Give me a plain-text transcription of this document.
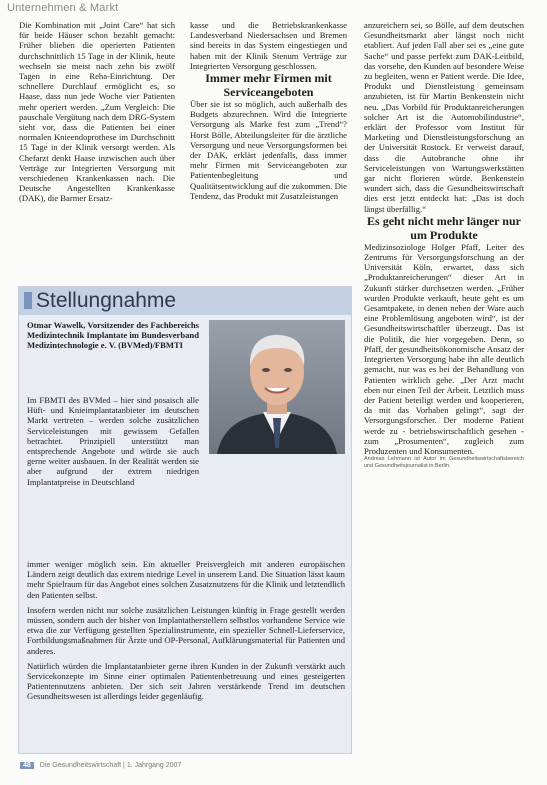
Unternehmen & Markt

Die Kombination mit „Joint Care“ hat sich für beide Häuser schon bezahlt gemacht: Früher blieben die operierten Patienten durchschnittlich 15 Tage in der Klinik, heute wechseln sie meist nach zehn bis zwölf Tagen in eine Reha-Einrichtung. Der schnellere Durchlauf ermöglicht es, so Haase, dass nun jede Woche vier Patienten mehr operiert werden. „Zum Vergleich: Die pauschale Vergütung nach dem DRG-System sieht vor, dass die Patienten bei einer normalen Knieendoprothese im Durchschnitt 15 Tage in der Klinik versorgt werden. Als Chefarzt denkt Haase inzwischen auch über Verträge zur Integrierten Versorgung mit verschiedenen Krankenkassen nach. Die Deutsche Angestellten Krankenkasse (DAK), die Barmer Ersatz-

kasse und die Betriebskrankenkasse Landesverband Niedersachsen und Bremen sind bereits in das System eingestiegen und haben mit der Klinik Stenum Verträge zur Integrierten Versorgung geschlossen.

Immer mehr Firmen mit Serviceangeboten

Über sie ist so möglich, auch außerhalb des Budgets abzurechnen. Wird die Integrierte Versorgung als Marke fest zum „Trend“? Horst Bölle, Abteilungsleiter für die ärztliche Versorgung und neue Versorgungsformen bei der DAK, erklärt jedenfalls, dass immer mehr Firmen mit Serviceangeboten zur Patientenbegleitung und Qualitätsentwicklung auf die zukommen. Die Tendenz, das Produkt mit Zusatzleistungen

anzureichern sei, so Bölle, auf dem deutschen Gesundheitsmarkt aber längst noch nicht etabliert. Auf jeden Fall aber sei es „eine gute Sache“ und passe perfekt zum DAK-Leitbild, das vorsehe, den Kunden auf besondere Weise zu begleiten, wenn er Patient werde. Die Idee, Produkt und Dienstleistung gemeinsam anzubieten, ist für Martin Benkenstein nicht neu. „Das Vorbild für Produktanreicherungen solcher Art ist die Automobilindustrie“, erklärt der Professor vom Institut für Marketing und Dienstleistungsforschung an der Universität Rostock. Er verweist darauf, dass die Autobranche ohne ihr Serviceleistungen von Wartungswerkstätten gar nicht florieren würde. Benkenstein wundert sich, dass die Gesundheitswirtschaft dies erst jetzt entdeckt hat: „Das ist doch längst überfällig.“

Es geht nicht mehr länger nur um Produkte

Medizinsoziologe Holger Pfaff, Leiter des Zentrums für Versorgungsforschung an der Universität Köln, erwartet, dass sich „Produktanreicherungen“ dieser Art in Zukunft stärker durchsetzen werden. „Früher wurden Produkte verkauft, heute geht es um Gesamtpakete, in denen neben der Ware auch eine Problemlösung angeboten wird“, ist der Gesundheitswirtschaftler überzeugt. Das ist die Politik, die hier vorgegeben. Denn, so Pfaff, der gesundheitsökonomische Ansatz der Integrierten Versorgung habe ihn alle deutlich gemacht, nur was es bei der Behandlung von Patienten wirklich gehe. „Der Arzt macht eben nur einen Teil der Arbeit. Letztlich muss der Patient beteiligt werden und kooperieren, da mit das Vorhaben gelingt“, sagt der Versorgungsforscher. Der moderne Patient werde zu - betriebswirtschaftlich gesehen - zum „Prosumenten“, zugleich zum Produzenten und Konsumenten.

Andreas Lehmann ist Autor im Gesundheitswirtschaftsbereich und Gesundheitsjournalist in Berlin.

Stellungnahme
Otmar Wawelk, Vorsitzender des Fachbereichs Medizintechnik Implantate im Bundesverband Medizintechnologie e. V. (BVMed)/FBMTI
Im FBMTI des BVMed – hier sind posaisch alle Hüft- und Knieimplantatanbieter im deutschen Markt vertreten – werden solche zusätzlichen Serviceleistungen mit gewissem Gefallen betrachtet. Prinzipiell unterstützt man entsprechende Angebote und würde sie auch gerne weiter ausbauen. In der Realität werden sie aber aufgrund der extrem niedrigen Implantatpreise in Deutschland

immer weniger möglich sein. Ein aktueller Preisvergleich mit anderen europäischen Ländern zeigt deutlich das extrem niedrige Level in unserem Land. Die Situation lässt kaum mehr Spielraum für das Angebot eines solchen Zusatznutzens für die Klinik und letztendlich den Patienten selbst.

Insofern werden nicht nur solche zusätzlichen Leistungen künftig in Frage gestellt werden müssen, sondern auch der bisher von Implantatherstellern selbstlos vorhandene Service wie etwa die zur Verfügung gestellten Spezialinstrumente, ein spezieller Schnell-Lieferservice, Fortbildungsmaßnahmen für Ärzte und OP-Personal, Aufklärungsmaterial für Patienten und anderes.

Natürlich würden die Implantatanbieter gerne ihren Kunden in der Zukunft verstärkt auch Servicekonzepte im Sinne einer optimalen Patientenbetreuung und eines gesteigerten Patientennutzens anbieten. Der sich seit Jahren verstärkende Trend im deutschen Gesundheitswesen ist allerdings leider gegenläufig.

48 Die Gesundheitswirtschaft | 1. Jahrgang 2007
